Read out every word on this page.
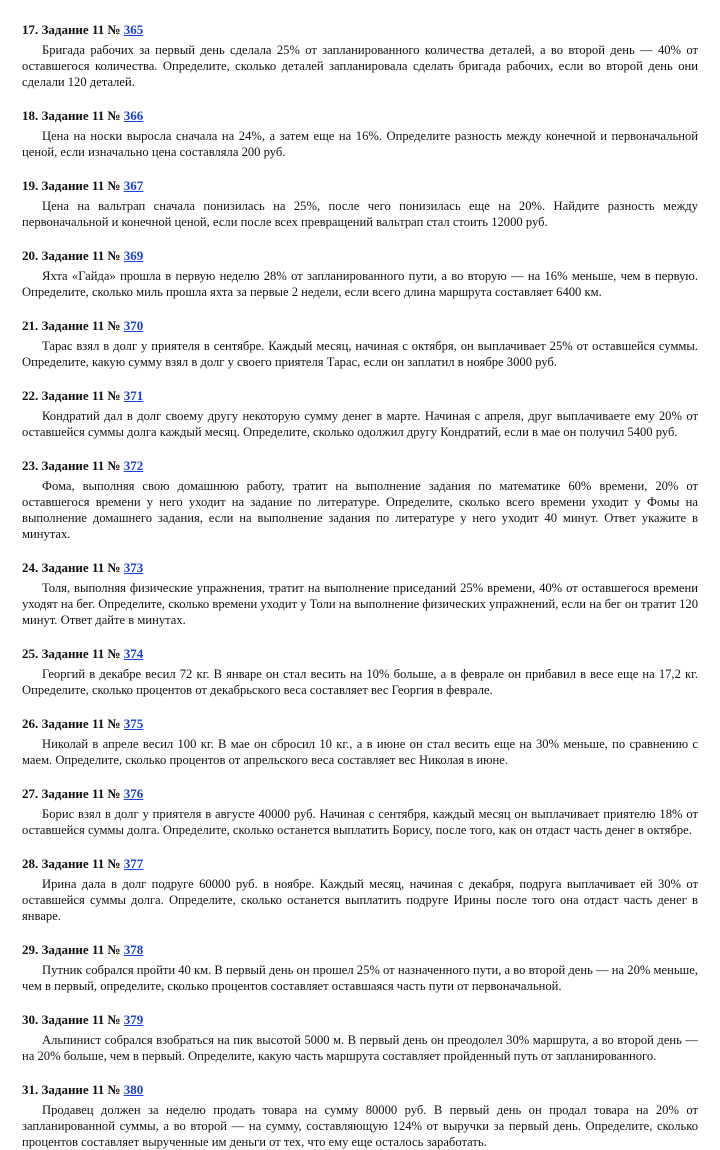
17. Задание 11 № 365

Бригада рабочих за первый день сделала 25% от запланированного количества деталей, а во второй день — 40% от оставшегося количества. Определите, сколько деталей запланировала сделать бригада рабочих, если во второй день они сделали 120 деталей.

18. Задание 11 № 366

Цена на носки выросла сначала на 24%, а затем еще на 16%. Определите разность между конечной и первоначальной ценой, если изначально цена составляла 200 руб.

19. Задание 11 № 367

Цена на вальтрап сначала понизилась на 25%, после чего понизилась еще на 20%. Найдите разность между первоначальной и конечной ценой, если после всех превращений вальтрап стал стоить 12000 руб.

20. Задание 11 № 369

Яхта «Гайда» прошла в первую неделю 28% от запланированного пути, а во вторую — на 16% меньше, чем в первую. Определите, сколько миль прошла яхта за первые 2 недели, если всего длина маршрута составляет 6400 км.

21. Задание 11 № 370

Тарас взял в долг у приятеля в сентябре. Каждый месяц, начиная с октября, он выплачивает 25% от оставшейся суммы. Определите, какую сумму взял в долг у своего приятеля Тарас, если он заплатил в ноябре 3000 руб.

22. Задание 11 № 371

Кондратий дал в долг своему другу некоторую сумму денег в марте. Начиная с апреля, друг выплачиваете ему 20% от оставшейся суммы долга каждый месяц. Определите, сколько одолжил другу Кондратий, если в мае он получил 5400 руб.

23. Задание 11 № 372

Фома, выполняя свою домашнюю работу, тратит на выполнение задания по математике 60% времени, 20% от оставшегося времени у него уходит на задание по литературе. Определите, сколько всего времени уходит у Фомы на выполнение домашнего задания, если на выполнение задания по литературе у него уходит 40 минут. Ответ укажите в минутах.

24. Задание 11 № 373

Толя, выполняя физические упражнения, тратит на выполнение приседаний 25% времени, 40% от оставшегося времени уходят на бег. Определите, сколько времени уходит у Толи на выполнение физических упражнений, если на бег он тратит 120 минут. Ответ дайте в минутах.

25. Задание 11 № 374

Георгий в декабре весил 72 кг. В январе он стал весить на 10% больше, а в феврале он прибавил в весе еще на 17,2 кг. Определите, сколько процентов от декабрьского веса составляет вес Георгия в феврале.

26. Задание 11 № 375

Николай в апреле весил 100 кг. В мае он сбросил 10 кг., а в июне он стал весить еще на 30% меньше, по сравнению с маем. Определите, сколько процентов от апрельского веса составляет вес Николая в июне.

27. Задание 11 № 376

Борис взял в долг у приятеля в августе 40000 руб. Начиная с сентября, каждый месяц он выплачивает приятелю 18% от оставшейся суммы долга. Определите, сколько останется выплатить Борису, после того, как он отдаст часть денег в октябре.

28. Задание 11 № 377

Ирина дала в долг подруге 60000 руб. в ноябре. Каждый месяц, начиная с декабря, подруга выплачивает ей 30% от оставшейся суммы долга. Определите, сколько останется выплатить подруге Ирины после того она отдаст часть денег в январе.

29. Задание 11 № 378

Путник собрался пройти 40 км. В первый день он прошел 25% от назначенного пути, а во второй день — на 20% меньше, чем в первый, определите, сколько процентов составляет оставшаяся часть пути от первоначальной.

30. Задание 11 № 379

Альпинист собрался взобраться на пик высотой 5000 м. В первый день он преодолел 30% маршрута, а во второй день — на 20% больше, чем в первый. Определите, какую часть маршрута составляет пройденный путь от запланированного.

31. Задание 11 № 380

Продавец должен за неделю продать товара на сумму 80000 руб. В первый день он продал товара на 20% от запланированной суммы, а во второй — на сумму, составляющую 124% от выручки за первый день. Определите, сколько процентов составляет вырученные им деньги от тех, что ему еще осталось заработать.
